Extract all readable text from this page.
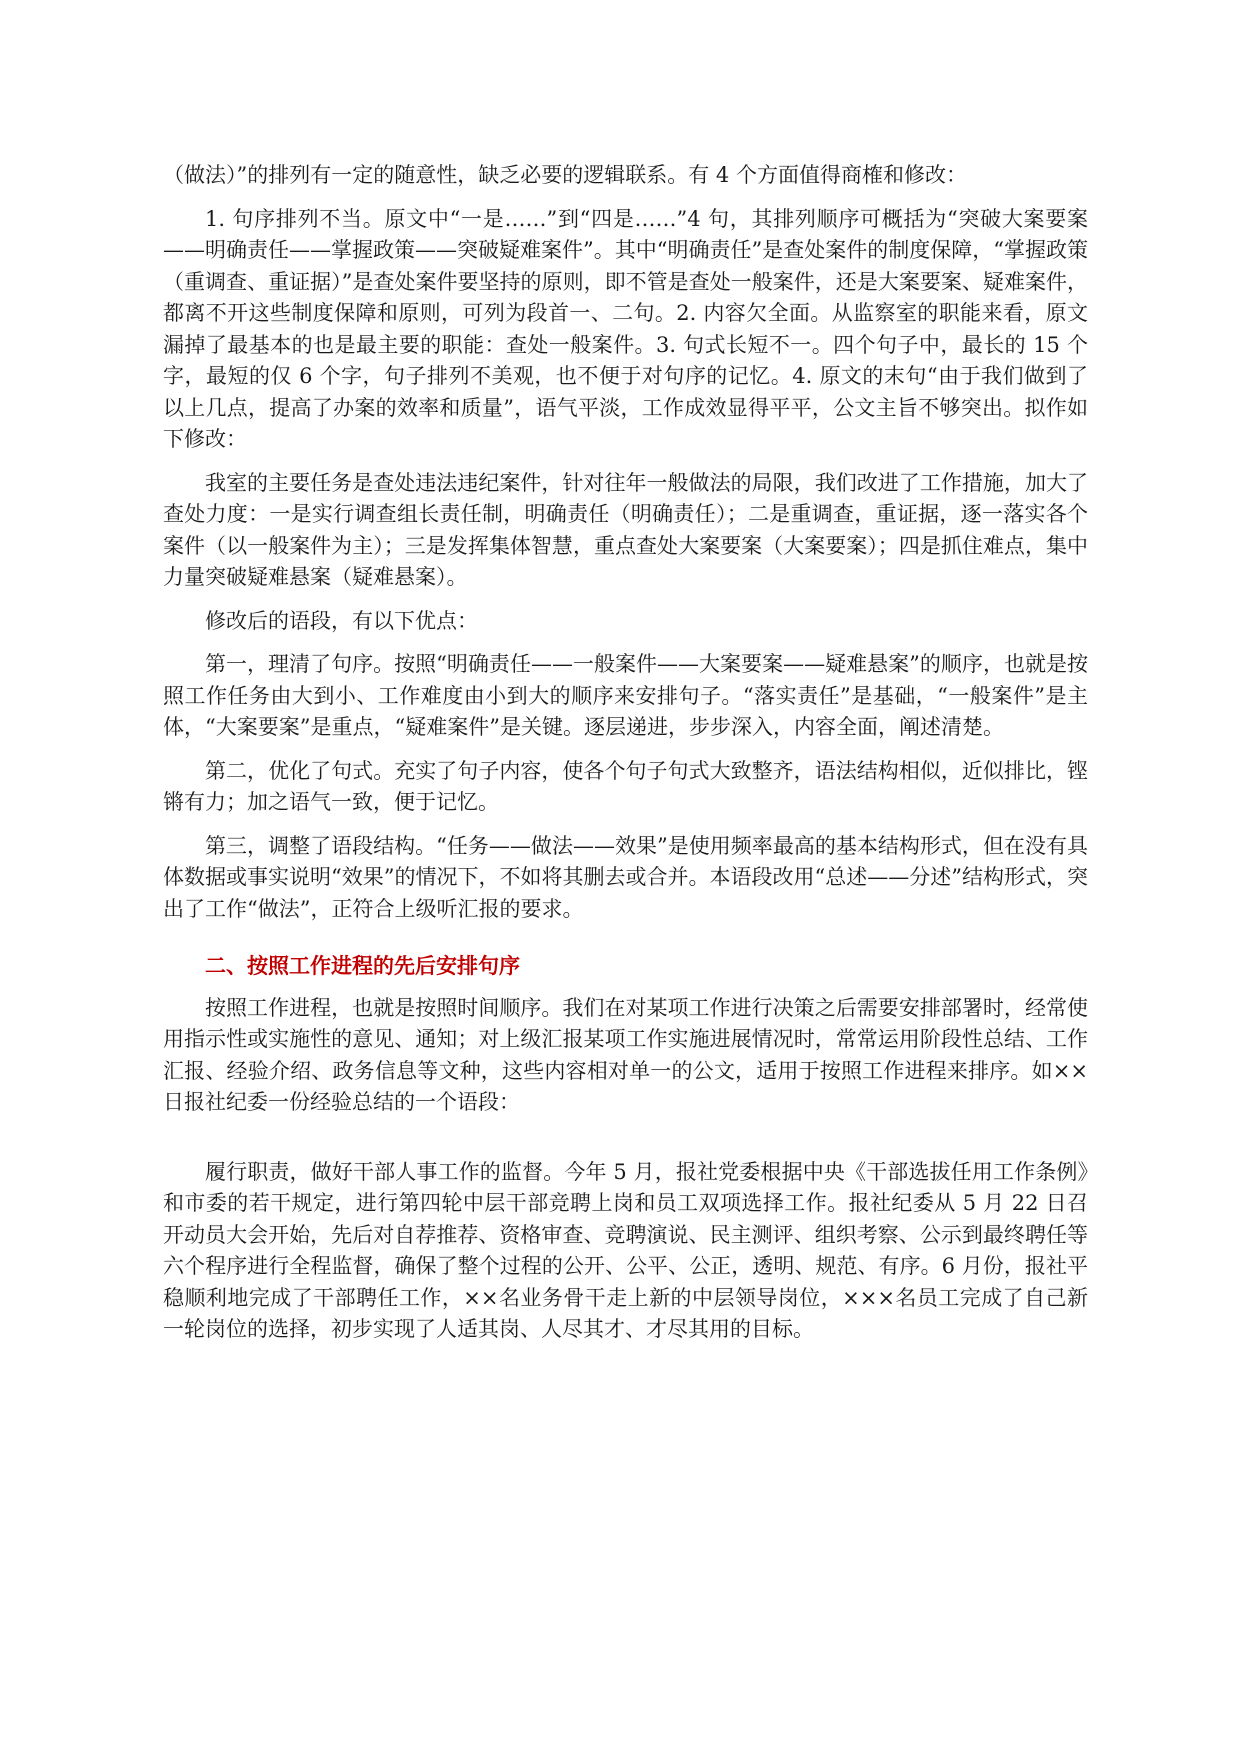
（做法）”的排列有一定的随意性，缺乏必要的逻辑联系。有 4 个方面值得商榷和修改：

1. 句序排列不当。原文中“一是……”到“四是……”4 句，其排列顺序可概括为“突破大案要案——明确责任——掌握政策——突破疑难案件”。其中“明确责任”是查处案件的制度保障，“掌握政策（重调查、重证据）”是查处案件要坚持的原则，即不管是查处一般案件，还是大案要案、疑难案件，都离不开这些制度保障和原则，可列为段首一、二句。2. 内容欠全面。从监察室的职能来看，原文漏掉了最基本的也是最主要的职能：查处一般案件。3. 句式长短不一。四个句子中，最长的 15 个字，最短的仅 6 个字，句子排列不美观，也不便于对句序的记忆。4. 原文的末句“由于我们做到了以上几点，提高了办案的效率和质量”，语气平淡，工作成效显得平平，公文主旨不够突出。拟作如下修改：

我室的主要任务是查处违法违纪案件，针对往年一般做法的局限，我们改进了工作措施，加大了查处力度：一是实行调查组长责任制，明确责任（明确责任）；二是重调查，重证据，逐一落实各个案件（以一般案件为主）；三是发挥集体智慧，重点查处大案要案（大案要案）；四是抓住难点，集中力量突破疑难悬案（疑难悬案）。

修改后的语段，有以下优点：

第一，理清了句序。按照“明确责任——一般案件——大案要案——疑难悬案”的顺序，也就是按照工作任务由大到小、工作难度由小到大的顺序来安排句子。“落实责任”是基础，“一般案件”是主体，“大案要案”是重点，“疑难案件”是关键。逐层递进，步步深入，内容全面，阐述清楚。

第二，优化了句式。充实了句子内容，使各个句子句式大致整齐，语法结构相似，近似排比，铿锵有力；加之语气一致，便于记忆。

第三，调整了语段结构。“任务——做法——效果”是使用频率最高的基本结构形式，但在没有具体数据或事实说明“效果”的情况下，不如将其删去或合并。本语段改用“总述——分述”结构形式，突出了工作“做法”，正符合上级听汇报的要求。

二、按照工作进程的先后安排句序

按照工作进程，也就是按照时间顺序。我们在对某项工作进行决策之后需要安排部署时，经常使用指示性或实施性的意见、通知；对上级汇报某项工作实施进展情况时，常常运用阶段性总结、工作汇报、经验介绍、政务信息等文种，这些内容相对单一的公文，适用于按照工作进程来排序。如××日报社纪委一份经验总结的一个语段：

履行职责，做好干部人事工作的监督。今年 5 月，报社党委根据中央《干部选拔任用工作条例》和市委的若干规定，进行第四轮中层干部竞聘上岗和员工双项选择工作。报社纪委从 5 月 22 日召开动员大会开始，先后对自荐推荐、资格审查、竞聘演说、民主测评、组织考察、公示到最终聘任等六个程序进行全程监督，确保了整个过程的公开、公平、公正，透明、规范、有序。6 月份，报社平稳顺利地完成了干部聘任工作，××名业务骨干走上新的中层领导岗位，×××名员工完成了自己新一轮岗位的选择，初步实现了人适其岗、人尽其才、才尽其用的目标。
